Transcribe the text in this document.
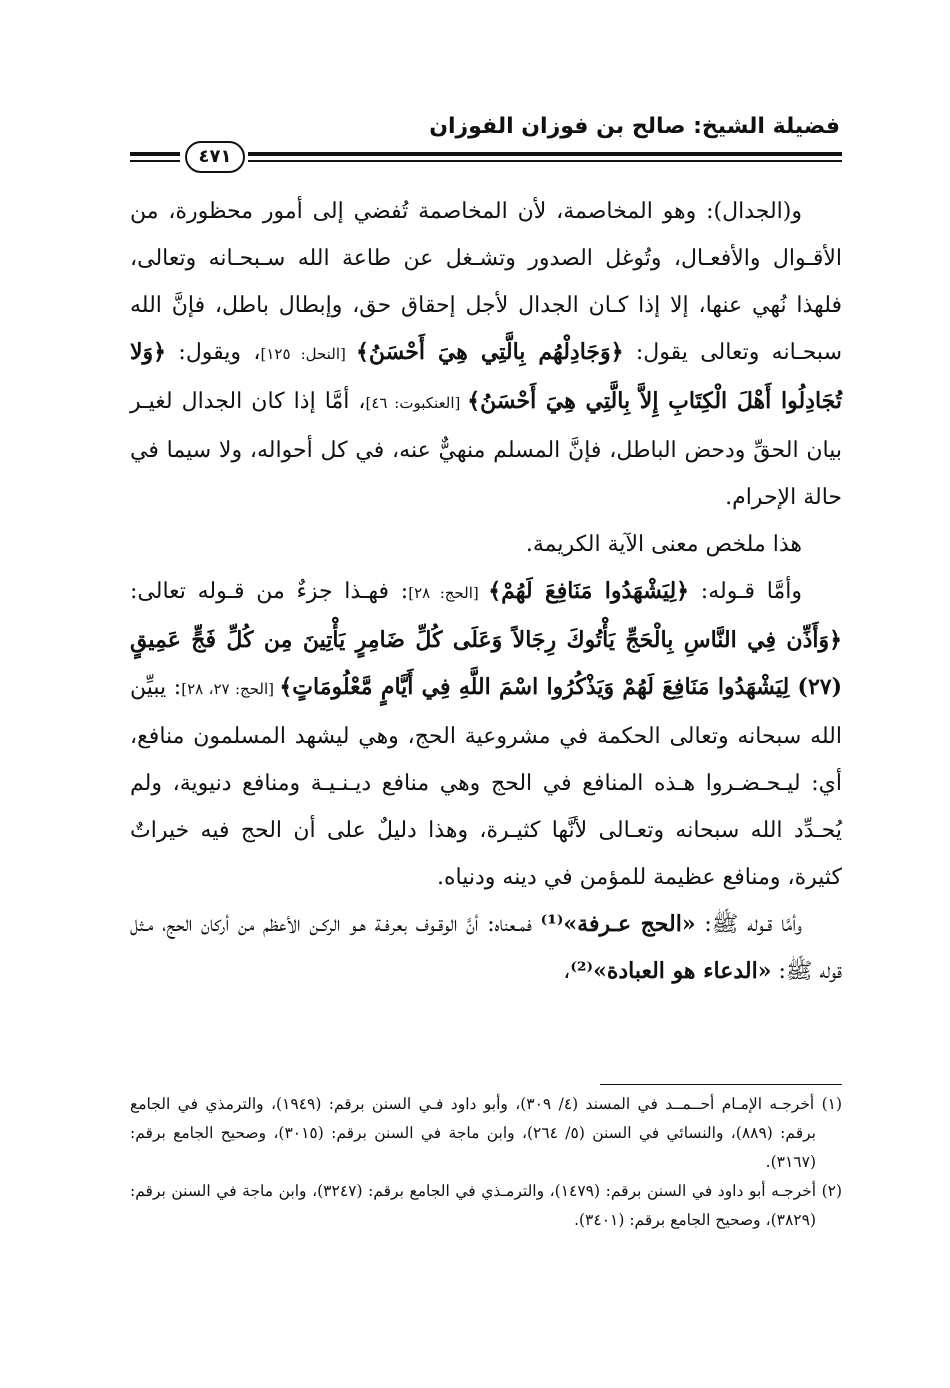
فضيلة الشيخ: صالح بن فوزان الفوزان
٤٧١

و(الجدال): وهو المخاصمة، لأن المخاصمة تُفضي إلى أمور محظورة، من الأقـوال والأفعـال، وتُوغل الصدور وتشـغل عن طاعة الله سـبحـانه وتعالى، فلهذا نُهي عنها، إلا إذا كـان الجدال لأجل إحقاق حق، وإبطال باطل، فإنَّ الله سبحـانه وتعالى يقول: ﴿وَجَادِلْهُم بِالَّتِي هِيَ أَحْسَنُ﴾ [النحل: ١٢٥]، ويقول: ﴿وَلا تُجَادِلُوا أَهْلَ الْكِتَابِ إِلاَّ بِالَّتِي هِيَ أَحْسَنُ﴾ [العنكبوت: ٤٦]، أمَّا إذا كان الجدال لغيـر بيان الحقِّ ودحض الباطل، فإنَّ المسلم منهيٌّ عنه، في كل أحواله، ولا سيما في حالة الإحرام.

هذا ملخص معنى الآية الكريمة.

وأمَّا قـوله: ﴿لِيَشْهَدُوا مَنَافِعَ لَهُمْ﴾ [الحج: ٢٨]: فهـذا جزءٌ من قـوله تعالى: ﴿وَأَذِّن فِي النَّاسِ بِالْحَجِّ يَأْتُوكَ رِجَالاً وَعَلَى كُلِّ ضَامِرٍ يَأْتِينَ مِن كُلِّ فَجٍّ عَمِيقٍ (٢٧) لِيَشْهَدُوا مَنَافِعَ لَهُمْ وَيَذْكُرُوا اسْمَ اللَّهِ فِي أَيَّامٍ مَّعْلُومَاتٍ﴾ [الحج: ٢٧، ٢٨]: يبيِّن الله سبحانه وتعالى الحكمة في مشروعية الحج، وهي ليشهد المسلمون منافع، أي: ليـحـضـروا هـذه المنافع في الحج وهي منافع ديـنـيـة ومنافع دنيوية، ولم يُحـدِّد الله سبحانه وتعـالى لأنَّها كثيـرة، وهذا دليلٌ على أن الحج فيه خيراتٌ كثيرة، ومنافع عظيمة للمؤمن في دينه ودنياه.

وأمَّا قـوله ﷺ: «الحج عـرفة»⁽¹⁾ فمـعناه: أنَّ الوقـوف بعرفـة هـو الركـن الأعظم من أركان الحج، مـثل قوله ﷺ: «الدعاء هو العبادة»⁽²⁾،

(١) أخرجـه الإمـام أحــمــد في المسند (٤/ ٣٠٩)، وأبو داود فـي السنن برقم: (١٩٤٩)، والترمذي في الجامع برقم: (٨٨٩)، والنسائي في السنن (٥/ ٢٦٤)، وابن ماجة في السنن برقم: (٣٠١٥)، وصحيح الجامع برقم: (٣١٦٧).

(٢) أخرجـه أبو داود في السنن برقم: (١٤٧٩)، والترمـذي في الجامع برقم: (٣٢٤٧)، وابن ماجة في السنن برقم: (٣٨٢٩)، وصحيح الجامع برقم: (٣٤٠١).
